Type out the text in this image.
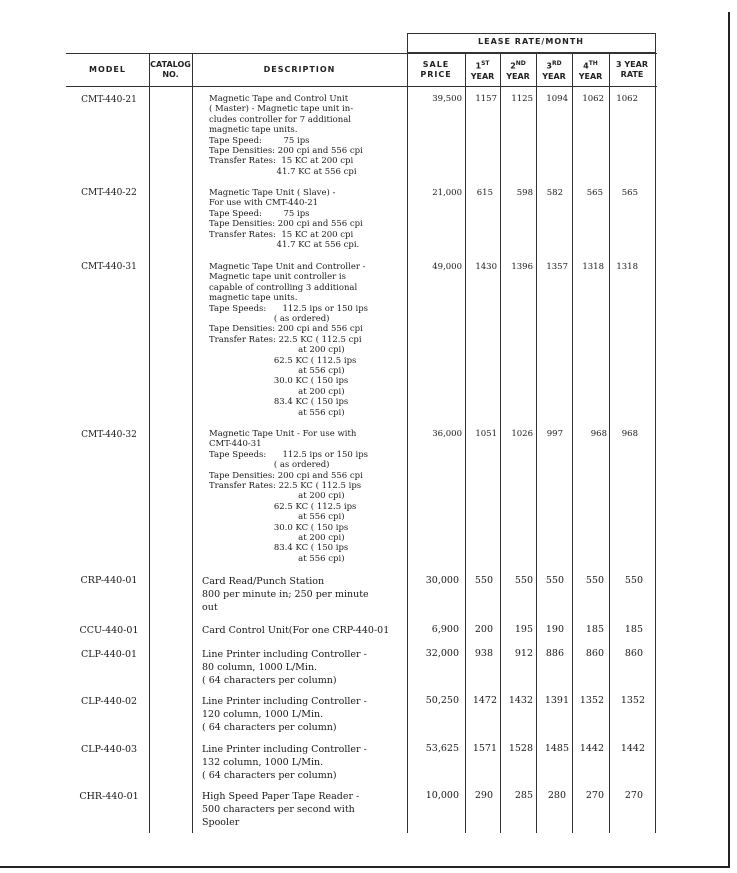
LEASE RATE/MONTH
MODEL
CATALOG
NO.
DESCRIPTION
SALE
PRICE
1ST
YEAR
2ND
YEAR
3RD
YEAR
4TH
YEAR
3 YEAR
RATE
CMT-440-21	Magnetic Tape and Control Unit
( Master) - Magnetic tape unit in-
cludes controller for 7 additional
magnetic tape units.
Tape Speed:        75 ips
Tape Densities: 200 cpi and 556 cpi
Transfer Rates:  15 KC at 200 cpi
41.7 KC at 556 cpi
39,500	1157	1125	1094	1062	1062
CMT-440-22	Magnetic Tape Unit ( Slave) -
For use with CMT-440-21
Tape Speed:        75 ips
Tape Densities: 200 cpi and 556 cpi
Transfer Rates:  15 KC at 200 cpi
41.7 KC at 556 cpi.
21,000	615	598	582	565	565
CMT-440-31	Magnetic Tape Unit and Controller -
Magnetic tape unit controller is
capable of controlling 3 additional
magnetic tape units.
Tape Speeds:      112.5 ips or 150 ips
( as ordered)
Tape Densities: 200 cpi and 556 cpi
Transfer Rates: 22.5 KC ( 112.5 cpi
at 200 cpi)
62.5 KC ( 112.5 ips
at 556 cpi)
30.0 KC ( 150 ips
at 200 cpi)
83.4 KC ( 150 ips
at 556 cpi)
49,000	1430	1396	1357	1318	1318
CMT-440-32	Magnetic Tape Unit - For use with
CMT-440-31
Tape Speeds:      112.5 ips or 150 ips
( as ordered)
Tape Densities: 200 cpi and 556 cpi
Transfer Rates: 22.5 KC ( 112.5 ips
at 200 cpi)
62.5 KC ( 112.5 ips
at 556 cpi)
30.0 KC ( 150 ips
at 200 cpi)
83.4 KC ( 150 ips
at 556 cpi)
36,000	1051	1026	997	968	968
CRP-440-01	Card Read/Punch Station
800 per minute in; 250 per minute
out
30,000	550	550	550	550	550
CCU-440-01	Card Control Unit(For one CRP-440-01	6,900	200	195	190	185	185
CLP-440-01	Line Printer including Controller -
80 column, 1000 L/Min.
( 64 characters per column)
32,000	938	912	886	860	860
CLP-440-02	Line Printer including Controller -
120 column, 1000 L/Min.
( 64 characters per column)
50,250	1472	1432	1391	1352	1352
CLP-440-03	Line Printer including Controller -
132 column, 1000 L/Min.
( 64 characters per column)
53,625	1571	1528	1485	1442	1442
CHR-440-01	High Speed Paper Tape Reader -
500 characters per second with
Spooler
10,000	290	285	280	270	270
